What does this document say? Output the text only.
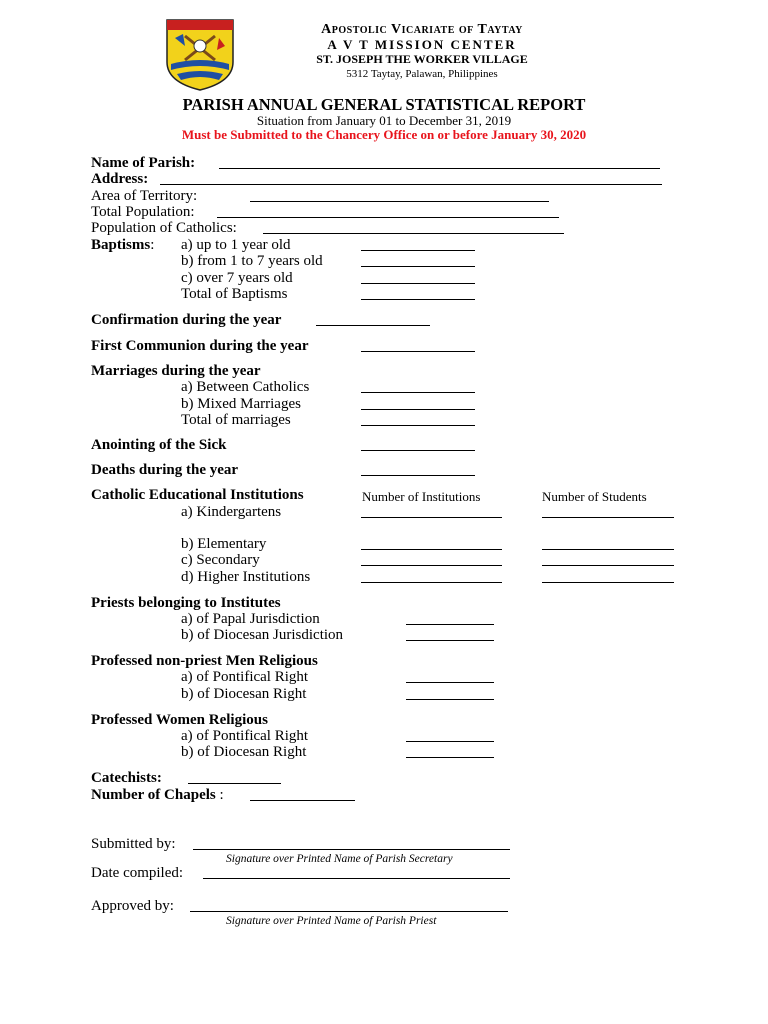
Apostolic Vicariate of Taytay
A V T MISSION CENTER
ST. JOSEPH THE WORKER VILLAGE
5312 Taytay, Palawan, Philippines
PARISH ANNUAL GENERAL STATISTICAL REPORT
Situation from January 01 to December 31, 2019
Must be Submitted to the Chancery Office on or before January 30, 2020
Name of Parish:
Address:
Area of Territory:
Total Population:
Population of Catholics:
Baptisms: a) up to 1 year old
b) from 1 to 7 years old
c) over 7 years old
Total of Baptisms
Confirmation during the year
First Communion during the year
Marriages during the year
a) Between Catholics
b) Mixed Marriages
Total of marriages
Anointing of the Sick
Deaths during the year
Catholic Educational Institutions	Number of Institutions	Number of Students
a) Kindergartens
b) Elementary
c) Secondary
d) Higher Institutions
Priests belonging to Institutes
a) of Papal Jurisdiction
b) of Diocesan Jurisdiction
Professed non-priest Men Religious
a) of Pontifical Right
b) of Diocesan Right
Professed Women Religious
a) of Pontifical Right
b) of Diocesan Right
Catechists:
Number of Chapels :
Submitted by:
Signature over Printed Name of Parish Secretary
Date compiled:
Approved by:
Signature over Printed Name of Parish Priest
